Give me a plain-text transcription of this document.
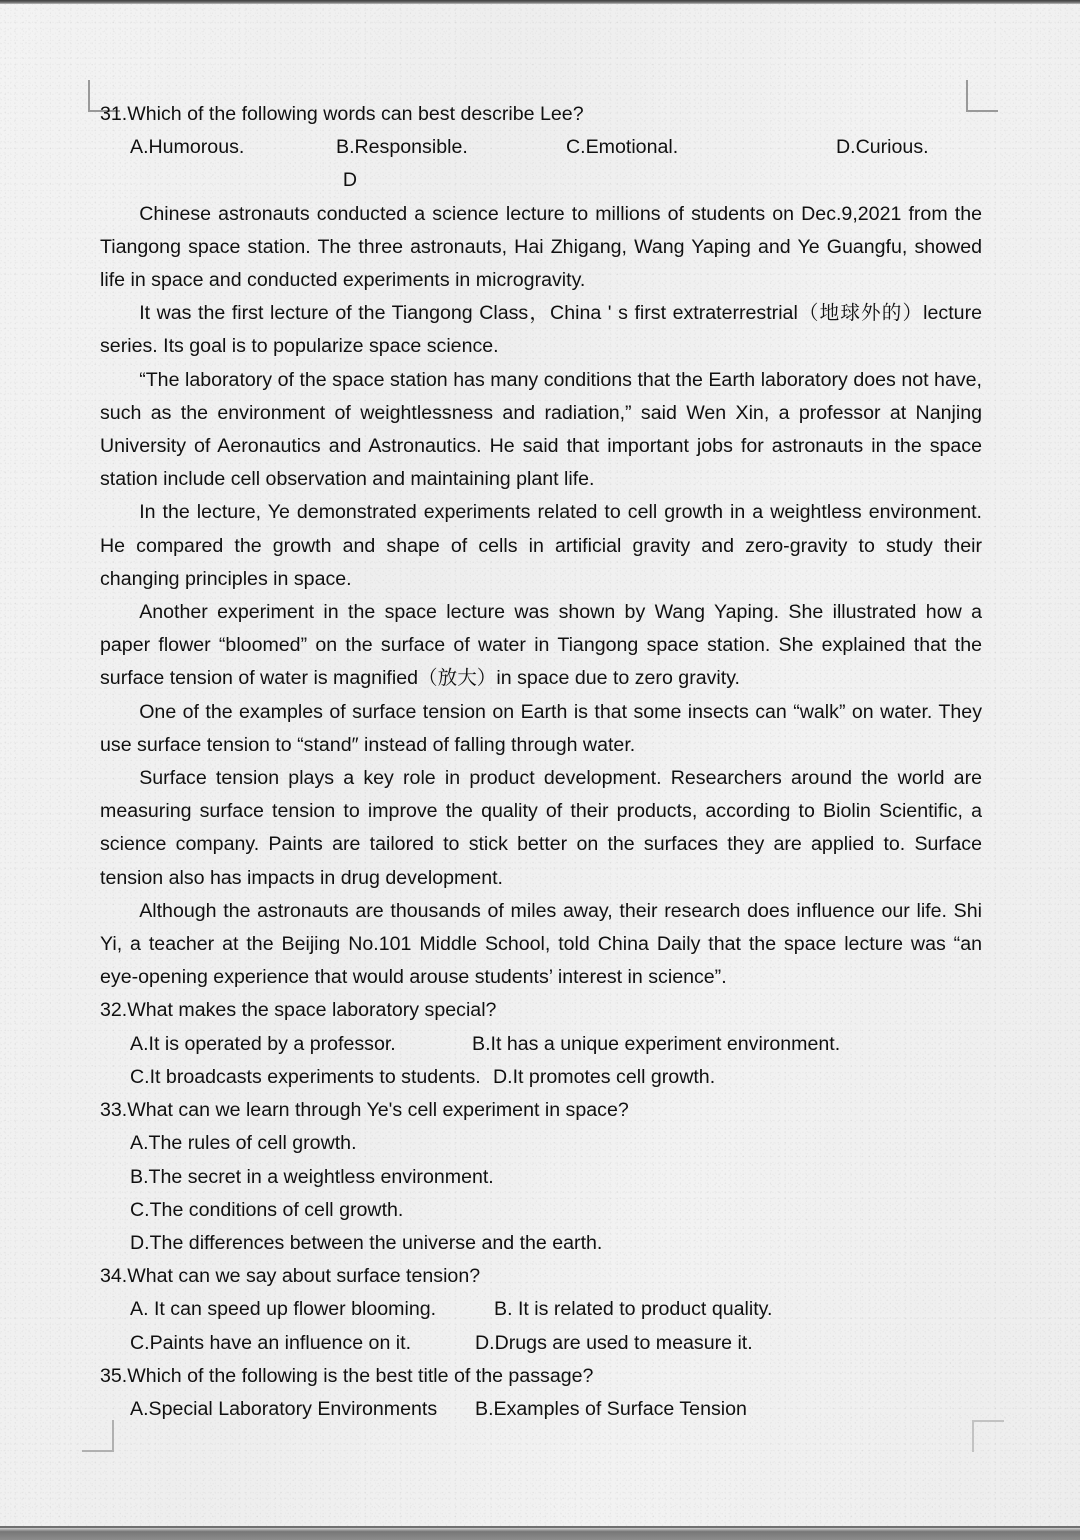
31.Which of the following words can best describe Lee?

A.Humorous.	B.Responsible.	C.Emotional.	D.Curious.

D

Chinese astronauts conducted a science lecture to millions of students on Dec.9,2021 from the Tiangong space station. The three astronauts, Hai Zhigang, Wang Yaping and Ye Guangfu, showed life in space and conducted experiments in microgravity.

It was the first lecture of the Tiangong Class，China ' s first extraterrestrial（地球外的）lecture series. Its goal is to popularize space science.

“The laboratory of the space station has many conditions that the Earth laboratory does not have, such as the environment of weightlessness and radiation,” said Wen Xin, a professor at Nanjing University of Aeronautics and Astronautics. He said that important jobs for astronauts in the space station include cell observation and maintaining plant life.

In the lecture, Ye demonstrated experiments related to cell growth in a weightless environment. He compared the growth and shape of cells in artificial gravity and zero-gravity to study their changing principles in space.

Another experiment in the space lecture was shown by Wang Yaping. She illustrated how a paper flower “bloomed” on the surface of water in Tiangong space station. She explained that the surface tension of water is magnified（放大）in space due to zero gravity.

One of the examples of surface tension on Earth is that some insects can “walk” on water. They use surface tension to “stand″ instead of falling through water.

Surface tension plays a key role in product development. Researchers around the world are measuring surface tension to improve the quality of their products, according to Biolin Scientific, a science company. Paints are tailored to stick better on the surfaces they are applied to. Surface tension also has impacts in drug development.

Although the astronauts are thousands of miles away, their research does influence our life. Shi Yi, a teacher at the Beijing No.101 Middle School, told China Daily that the space lecture was “an eye-opening experience that would arouse students’ interest in science”.

32.What makes the space laboratory special?

A.It is operated by a professor.	B.It has a unique experiment environment.
C.It broadcasts experiments to students. D.It promotes cell growth.

33.What can we learn through Ye's cell experiment in space?

A.The rules of cell growth.
B.The secret in a weightless environment.
C.The conditions of cell growth.
D.The differences between the universe and the earth.

34.What can we say about surface tension?

A. It can speed up flower blooming.	B. It is related to product quality.
C.Paints have an influence on it.	D.Drugs are used to measure it.

35.Which of the following is the best title of the passage?

A.Special Laboratory Environments	B.Examples of Surface Tension
